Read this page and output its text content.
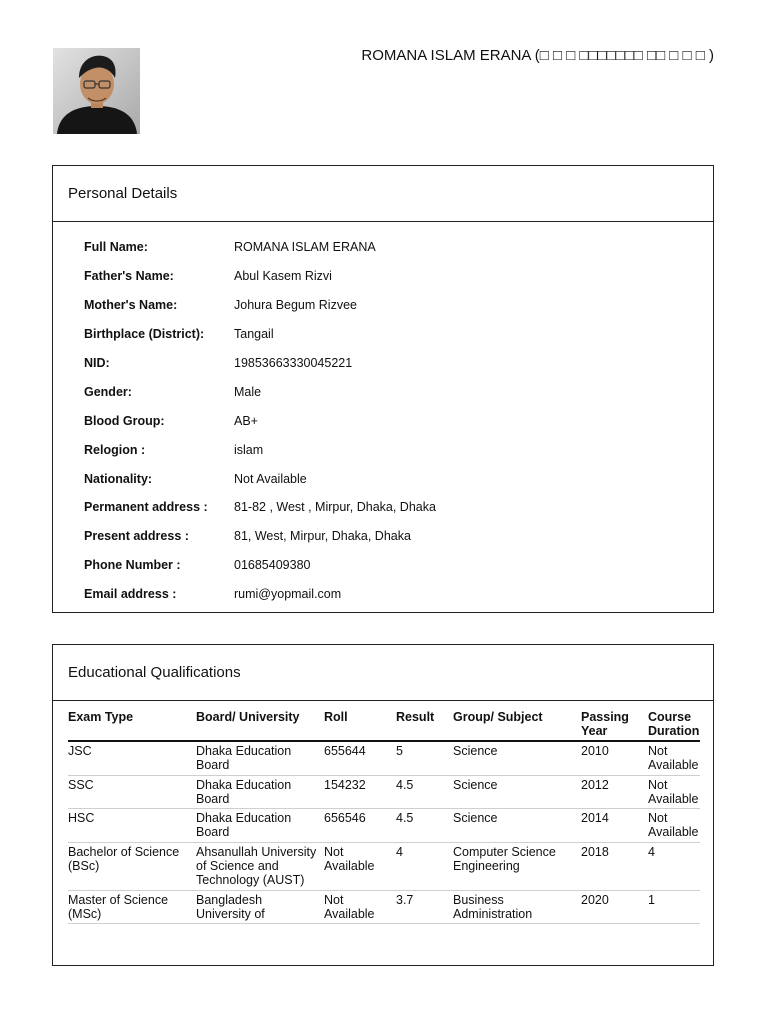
ROMANA ISLAM ERANA (□ □ □ □□□□□□□ □□ □ □ □ )
Personal Details
Full Name:	ROMANA ISLAM ERANA
Father's Name:	Abul Kasem Rizvi
Mother's Name:	Johura Begum Rizvee
Birthplace (District):	Tangail
NID:	19853663330045221
Gender:	Male
Blood Group:	AB+
Relogion :	islam
Nationality:	Not Available
Permanent address :	81-82 , West , Mirpur, Dhaka, Dhaka
Present address :	81, West, Mirpur, Dhaka, Dhaka
Phone Number :	01685409380
Email address :	rumi@yopmail.com
Educational Qualifications
Exam Type	Board/ University	Roll	Result	Group/ Subject	Passing Year	Course Duration
JSC	Dhaka Education Board	655644	5	Science	2010	Not Available
SSC	Dhaka Education Board	154232	4.5	Science	2012	Not Available
HSC	Dhaka Education Board	656546	4.5	Science	2014	Not Available
Bachelor of Science (BSc)	Ahsanullah University of Science and Technology (AUST)	Not Available	4	Computer Science Engineering	2018	4
Master of Science (MSc)	Bangladesh University of	Not Available	3.7	Business Administration	2020	1
